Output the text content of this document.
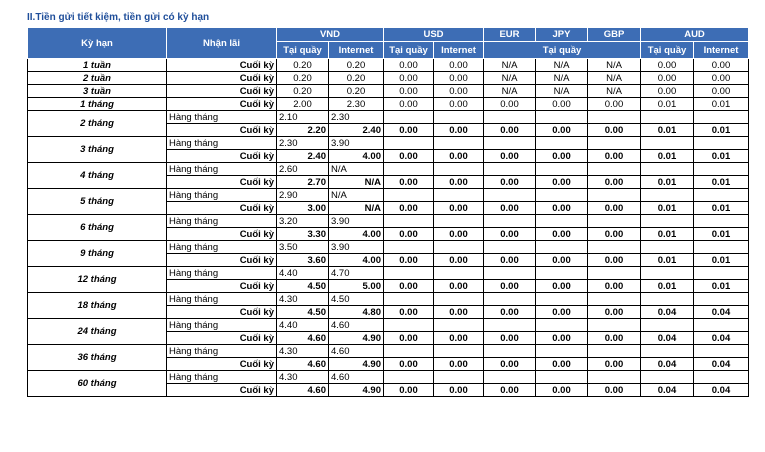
II.Tiền gửi tiết kiệm, tiền gửi có kỳ hạn
Kỳ hạn	Nhận lãi	VND		USD		EUR	JPY	GBP	AUD	
		Tại quầy	Internet	Tại quầy	Internet	Tại quầy			Tại quầy	Internet
1 tuần	Cuối kỳ	0.20	0.20	0.00	0.00	N/A	N/A	N/A	0.00	0.00
2 tuần	Cuối kỳ	0.20	0.20	0.00	0.00	N/A	N/A	N/A	0.00	0.00
3 tuần	Cuối kỳ	0.20	0.20	0.00	0.00	N/A	N/A	N/A	0.00	0.00
1 tháng	Cuối kỳ	2.00	2.30	0.00	0.00	0.00	0.00	0.00	0.01	0.01
2 tháng	Hàng tháng	2.10	2.30							
	Cuối kỳ	2.20	2.40	0.00	0.00	0.00	0.00	0.00	0.01	0.01
3 tháng	Hàng tháng	2.30	3.90							
	Cuối kỳ	2.40	4.00	0.00	0.00	0.00	0.00	0.00	0.01	0.01
4 tháng	Hàng tháng	2.60	N/A							
	Cuối kỳ	2.70	N/A	0.00	0.00	0.00	0.00	0.00	0.01	0.01
5 tháng	Hàng tháng	2.90	N/A							
	Cuối kỳ	3.00	N/A	0.00	0.00	0.00	0.00	0.00	0.01	0.01
6 tháng	Hàng tháng	3.20	3.90							
	Cuối kỳ	3.30	4.00	0.00	0.00	0.00	0.00	0.00	0.01	0.01
9 tháng	Hàng tháng	3.50	3.90							
	Cuối kỳ	3.60	4.00	0.00	0.00	0.00	0.00	0.00	0.01	0.01
12 tháng	Hàng tháng	4.40	4.70							
	Cuối kỳ	4.50	5.00	0.00	0.00	0.00	0.00	0.00	0.01	0.01
18 tháng	Hàng tháng	4.30	4.50							
	Cuối kỳ	4.50	4.80	0.00	0.00	0.00	0.00	0.00	0.04	0.04
24 tháng	Hàng tháng	4.40	4.60							
	Cuối kỳ	4.60	4.90	0.00	0.00	0.00	0.00	0.00	0.04	0.04
36 tháng	Hàng tháng	4.30	4.60							
	Cuối kỳ	4.60	4.90	0.00	0.00	0.00	0.00	0.00	0.04	0.04
60 tháng	Hàng tháng	4.30	4.60							
	Cuối kỳ	4.60	4.90	0.00	0.00	0.00	0.00	0.00	0.04	0.04
